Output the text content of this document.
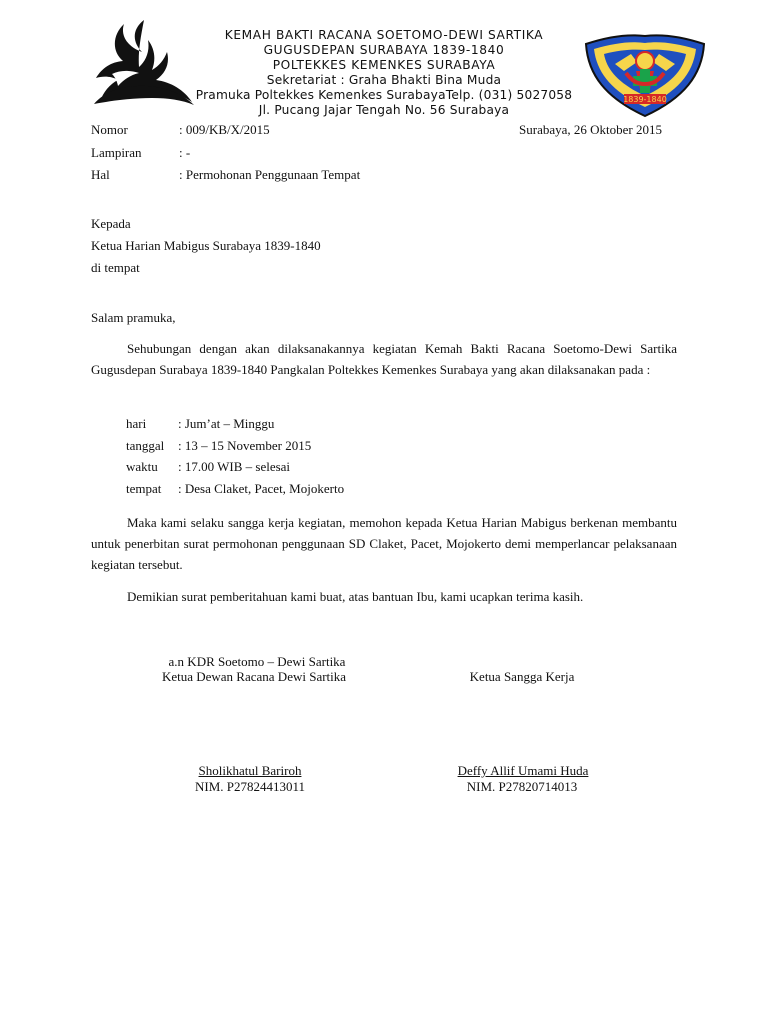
KEMAH BAKTI RACANA SOETOMO-DEWI SARTIKA
GUGUSDEPAN SURABAYA 1839-1840
POLTEKKES KEMENKES SURABAYA
Sekretariat : Graha Bhakti Bina Muda
Pramuka Poltekkes Kemenkes SurabayaTelp. (031) 5027058
Jl. Pucang Jajar Tengah No. 56 Surabaya
1839-1840
Surabaya, 26 Oktober 2015
Nomor	: 009/KB/X/2015
Lampiran	: -
Hal	: Permohonan Penggunaan Tempat
Kepada
Ketua Harian Mabigus Surabaya 1839-1840
di tempat
Salam pramuka,
Sehubungan dengan akan dilaksanakannya kegiatan Kemah Bakti Racana Soetomo-Dewi Sartika Gugusdepan Surabaya 1839-1840 Pangkalan Poltekkes Kemenkes Surabaya yang akan dilaksanakan pada :
hari : Jum’at – Minggu
tanggal : 13 – 15 November 2015
waktu : 17.00 WIB – selesai
tempat : Desa Claket, Pacet, Mojokerto
Maka kami selaku sangga kerja kegiatan, memohon kepada Ketua Harian Mabigus berkenan membantu untuk penerbitan surat permohonan penggunaan SD Claket, Pacet, Mojokerto demi memperlancar pelaksanaan kegiatan tersebut.
Demikian surat pemberitahuan kami buat, atas bantuan Ibu, kami ucapkan terima kasih.
a.n KDR Soetomo – Dewi Sartika
Ketua Dewan Racana Dewi Sartika	Ketua Sangga Kerja
Sholikhatul Bariroh
NIM. P27824413011
Deffy Allif Umami Huda
NIM. P27820714013
